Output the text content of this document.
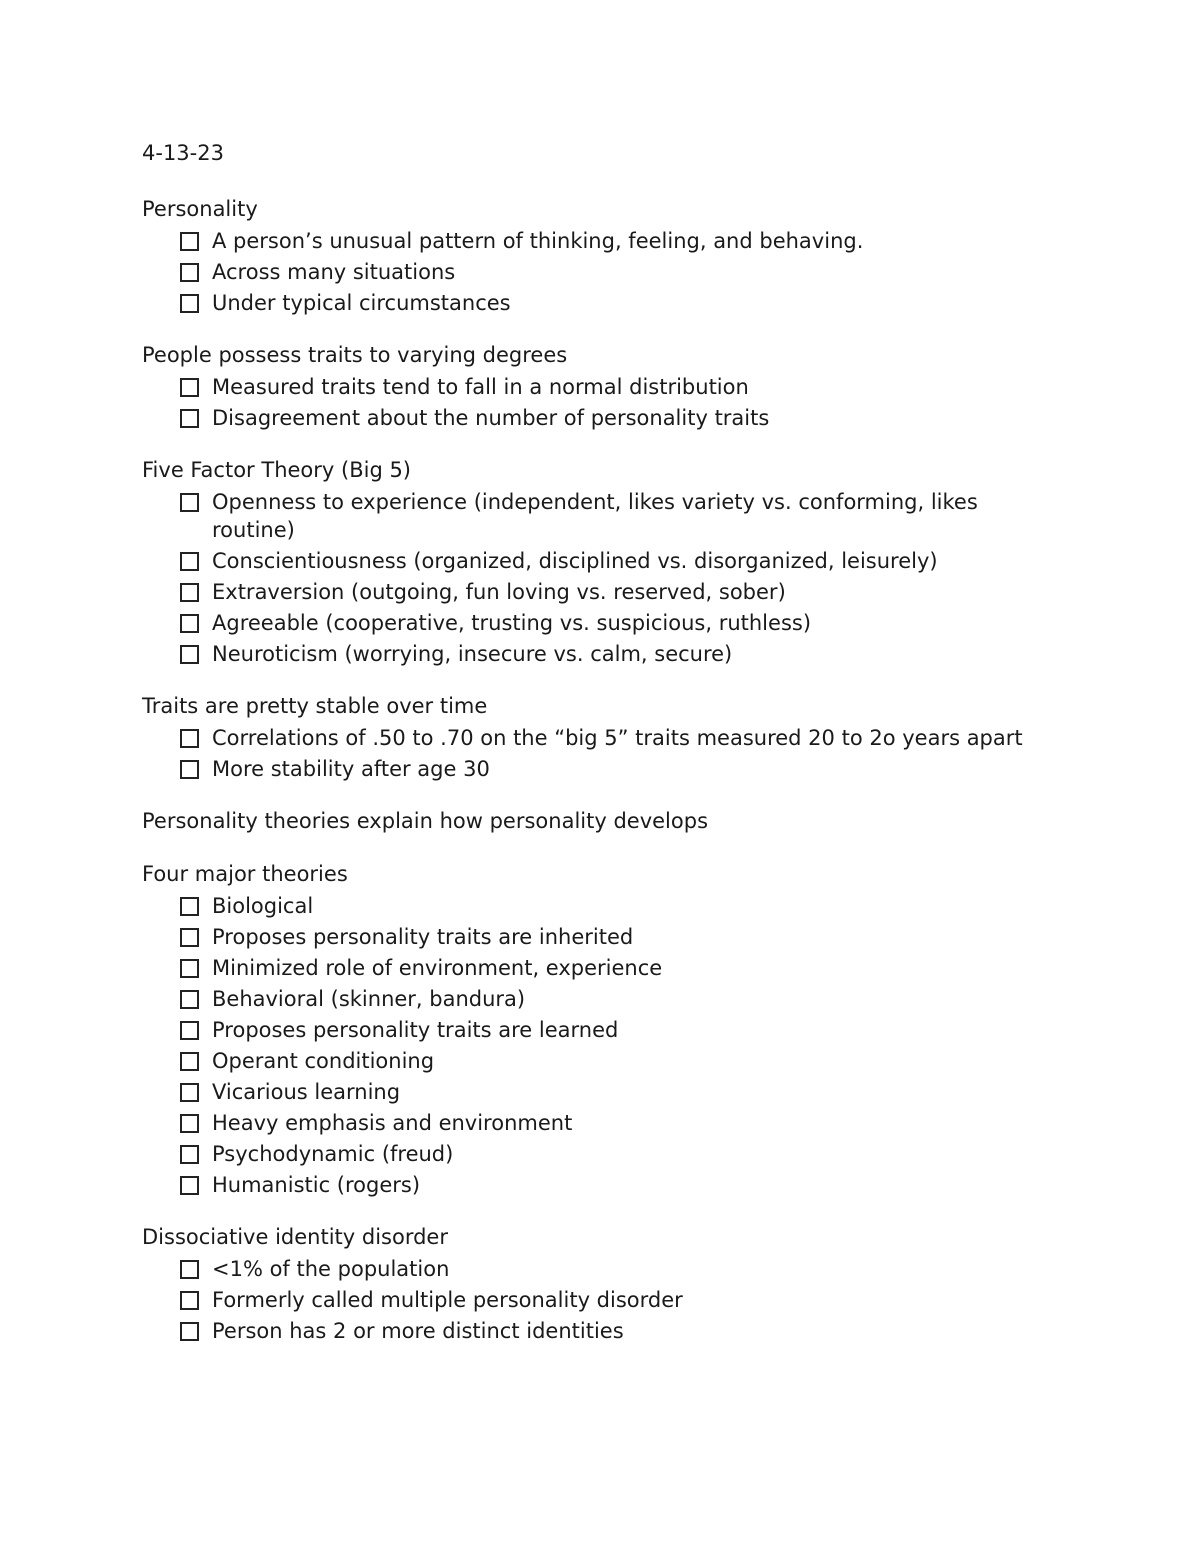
4-13-23
Personality
A person’s unusual pattern of thinking, feeling, and behaving.
Across many situations
Under typical circumstances
People possess traits to varying degrees
Measured traits tend to fall in a normal distribution
Disagreement about the number of personality traits
Five Factor Theory (Big 5)
Openness to experience (independent, likes variety vs. conforming, likes routine)
Conscientiousness (organized, disciplined vs. disorganized, leisurely)
Extraversion (outgoing, fun loving vs. reserved, sober)
Agreeable (cooperative, trusting vs. suspicious, ruthless)
Neuroticism (worrying, insecure vs. calm, secure)
Traits are pretty stable over time
Correlations of .50 to .70 on the “big 5” traits measured 20 to 2o years apart
More stability after age 30
Personality theories explain how personality develops
Four major theories
Biological
Proposes personality traits are inherited
Minimized role of environment, experience
Behavioral (skinner, bandura)
Proposes personality traits are learned
Operant conditioning
Vicarious learning
Heavy emphasis and environment
Psychodynamic (freud)
Humanistic (rogers)
Dissociative identity disorder
<1% of the population
Formerly called multiple personality disorder
Person has 2 or more distinct identities
